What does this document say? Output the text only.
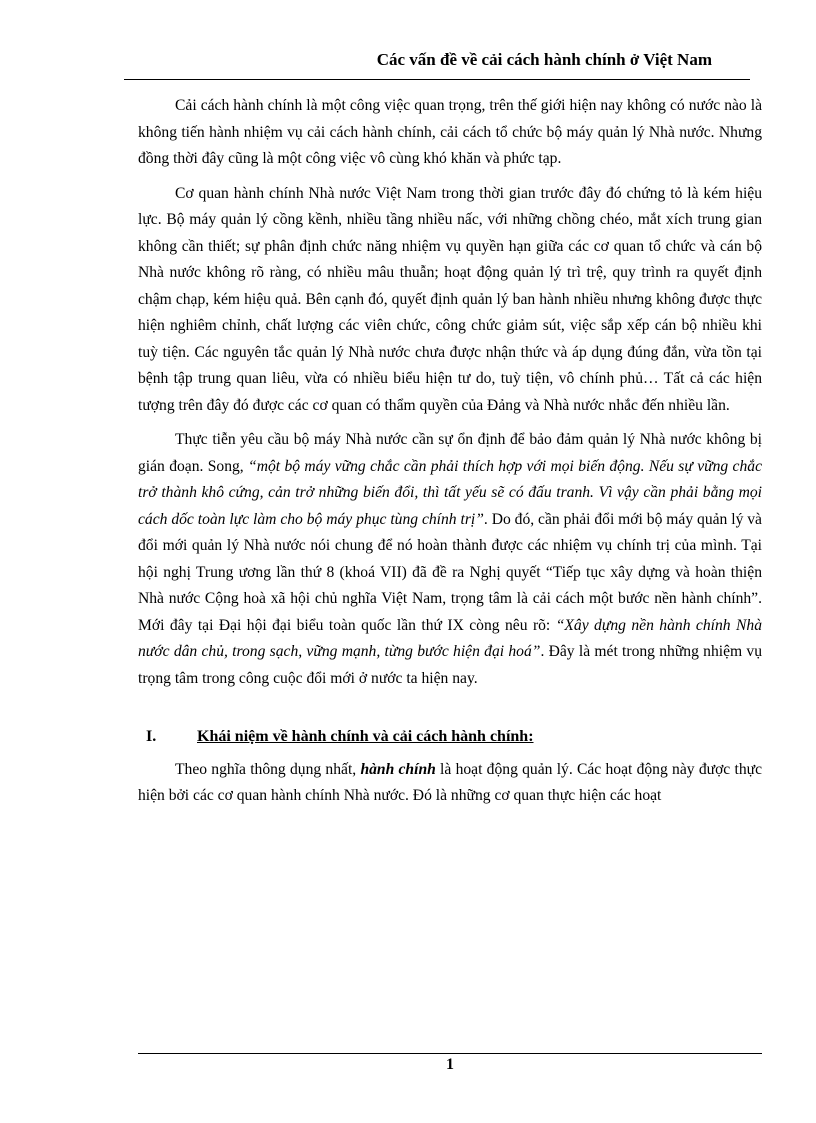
Các vấn đề về cải cách hành chính ở Việt Nam

Cải cách hành chính là một công việc quan trọng, trên thế giới hiện nay không có nước nào là không tiến hành nhiệm vụ cải cách hành chính, cải cách tổ chức bộ máy quản lý Nhà nước. Nhưng đồng thời đây cũng là một công việc vô cùng khó khăn và phức tạp.

Cơ quan hành chính Nhà nước Việt Nam trong thời gian trước đây đó chứng tỏ là kém hiệu lực. Bộ máy quản lý cồng kềnh, nhiều tầng nhiều nấc, với những chồng chéo, mắt xích trung gian không cần thiết; sự phân định chức năng nhiệm vụ quyền hạn giữa các cơ quan tổ chức và cán bộ Nhà nước không rõ ràng, có nhiều mâu thuẫn; hoạt động quản lý trì trệ, quy trình ra quyết định chậm chạp, kém hiệu quả. Bên cạnh đó, quyết định quản lý ban hành nhiều nhưng không được thực hiện nghiêm chỉnh, chất lượng các viên chức, công chức giảm sút, việc sắp xếp cán bộ nhiều khi tuỳ tiện. Các nguyên tắc quản lý Nhà nước chưa được nhận thức và áp dụng đúng đắn, vừa tồn tại bệnh tập trung quan liêu, vừa có nhiều biểu hiện tư do, tuỳ tiện, vô chính phủ… Tất cả các hiện tượng trên đây đó được các cơ quan có thẩm quyền của Đảng và Nhà nước nhắc đến nhiều lần.

Thực tiễn yêu cầu bộ máy Nhà nước cần sự ổn định để bảo đảm quản lý Nhà nước không bị gián đoạn. Song, “một bộ máy vững chắc cần phải thích hợp với mọi biến động. Nếu sự vững chắc trở thành khô cứng, cản trở những biến đổi, thì tất yếu sẽ có đấu tranh. Vì vậy cần phải bằng mọi cách dốc toàn lực làm cho bộ máy phục tùng chính trị”. Do đó, cần phải đổi mới bộ máy quản lý và đổi mới quản lý Nhà nước nói chung để nó hoàn thành được các nhiệm vụ chính trị của mình. Tại hội nghị Trung ương lần thứ 8 (khoá VII) đã đề ra Nghị quyết “Tiếp tục xây dựng và hoàn thiện Nhà nước Cộng hoà xã hội chủ nghĩa Việt Nam, trọng tâm là cải cách một bước nền hành chính”. Mới đây tại Đại hội đại biểu toàn quốc lần thứ IX còng nêu rõ: “Xây dựng nền hành chính Nhà nước dân chủ, trong sạch, vững mạnh, từng bước hiện đại hoá”. Đây là mét trong những nhiệm vụ trọng tâm trong công cuộc đổi mới ở nước ta hiện nay.

I.	Khái niệm về hành chính và cải cách hành chính:

Theo nghĩa thông dụng nhất, hành chính là hoạt động quản lý. Các hoạt động này được thực hiện bởi các cơ quan hành chính Nhà nước. Đó là những cơ quan thực hiện các hoạt

1
